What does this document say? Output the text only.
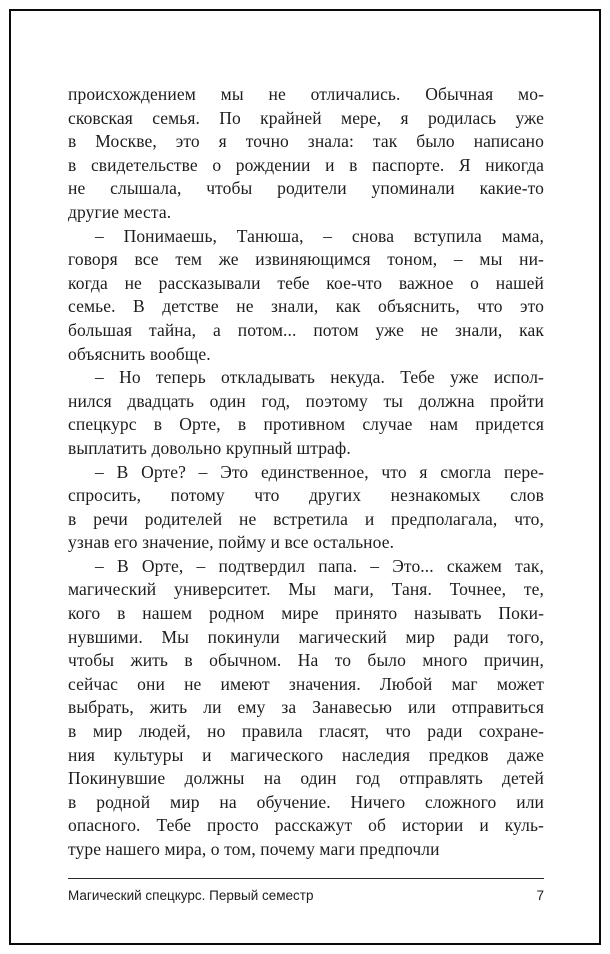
происхождением мы не отличались. Обычная мо-
сковская семья. По крайней мере, я родилась уже
в Москве, это я точно знала: так было написано
в свидетельстве о рождении и в паспорте. Я никогда
не слышала, чтобы родители упоминали какие-то
другие места.
– Понимаешь, Танюша, – снова вступила мама,
говоря все тем же извиняющимся тоном, – мы ни-
когда не рассказывали тебе кое-что важное о нашей
семье. В детстве не знали, как объяснить, что это
большая тайна, а потом... потом уже не знали, как
объяснить вообще.
– Но теперь откладывать некуда. Тебе уже испол-
нился двадцать один год, поэтому ты должна пройти
спецкурс в Орте, в противном случае нам придется
выплатить довольно крупный штраф.
– В Орте? – Это единственное, что я смогла пере-
спросить, потому что других незнакомых слов
в речи родителей не встретила и предполагала, что,
узнав его значение, пойму и все остальное.
– В Орте, – подтвердил папа. – Это... скажем так,
магический университет. Мы маги, Таня. Точнее, те,
кого в нашем родном мире принято называть Поки-
нувшими. Мы покинули магический мир ради того,
чтобы жить в обычном. На то было много причин,
сейчас они не имеют значения. Любой маг может
выбрать, жить ли ему за Занавесью или отправиться
в мир людей, но правила гласят, что ради сохране-
ния культуры и магического наследия предков даже
Покинувшие должны на один год отправлять детей
в родной мир на обучение. Ничего сложного или
опасного. Тебе просто расскажут об истории и куль-
туре нашего мира, о том, почему маги предпочли
Магический спецкурс. Первый семестр	7
